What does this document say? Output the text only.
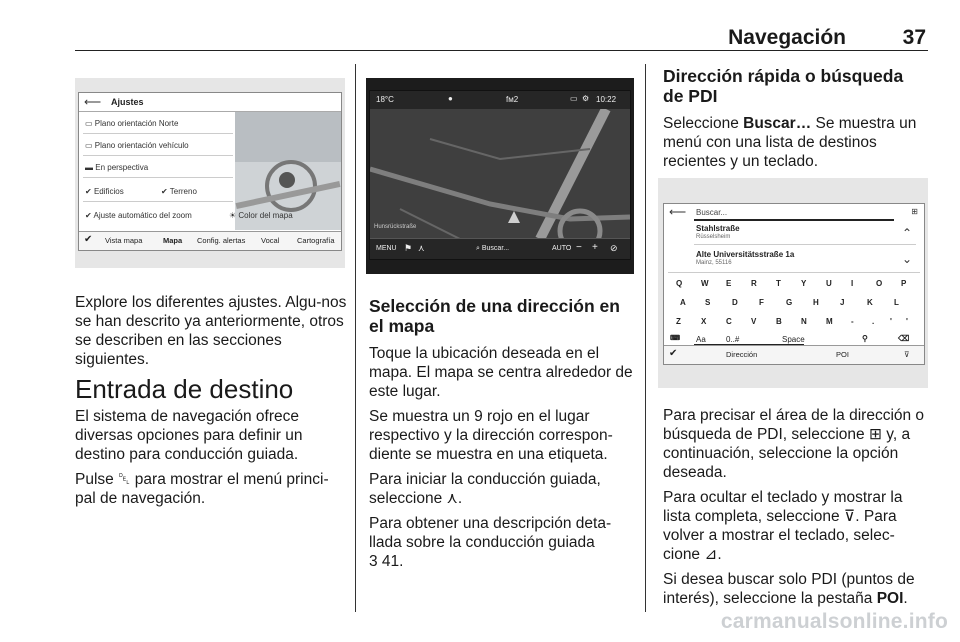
Navegación	37
⟵ Ajustes
▭ Plano orientación Norte
▭ Plano orientación vehículo
▬ En perspectiva
✔ Edificios	✔ Terreno
✔ Ajuste automático del zoom	☀ Color del mapa
✔ Vista mapa	Mapa Config. alertas Vocal Cartografía

Explore los diferentes ajustes. Algu-nos se han descrito ya anteriormente, otros se describen en las secciones siguientes.

Entrada de destino

El sistema de navegación ofrece diversas opciones para definir un destino para conducción guiada.

Pulse ␡ para mostrar el menú princi-pal de navegación.

18°C	●	fм2	▭ ⚙ 10:22
Hunsrückstraße
MENU ⚑ ⋏	⌕ Buscar...	AUTO − + ⊘
Selección de una dirección en el mapa

Toque la ubicación deseada en el mapa. El mapa se centra alrededor de este lugar.

Se muestra un 9 rojo en el lugar respectivo y la dirección correspon-diente se muestra en una etiqueta.

Para iniciar la conducción guiada, seleccione ⋏.

Para obtener una descripción deta-llada sobre la conducción guiada
3 41.

Dirección rápida o búsqueda de PDI

Seleccione Buscar… Se muestra un menú con una lista de destinos recientes y un teclado.

⟵ Buscar...	⊞
Stahlstraße
Rüsselsheim	⌃
Alte Universitätsstraße 1a
Mainz, 55116	⌄
Q W E R T	Y U I	O P
A S	D	F	G	H	J	K	L
Z	X C V B N M - . ' '
⌨ Aa	0..#	Space	⚲	⌫
✔	Dirección	POI	⊽

Para precisar el área de la dirección o búsqueda de PDI, seleccione ⊞ y, a continuación, seleccione la opción deseada.

Para ocultar el teclado y mostrar la lista completa, seleccione ⊽. Para volver a mostrar el teclado, selec-cione ⊿.

Si desea buscar solo PDI (puntos de interés), seleccione la pestaña POI.

carmanualsonline.info
